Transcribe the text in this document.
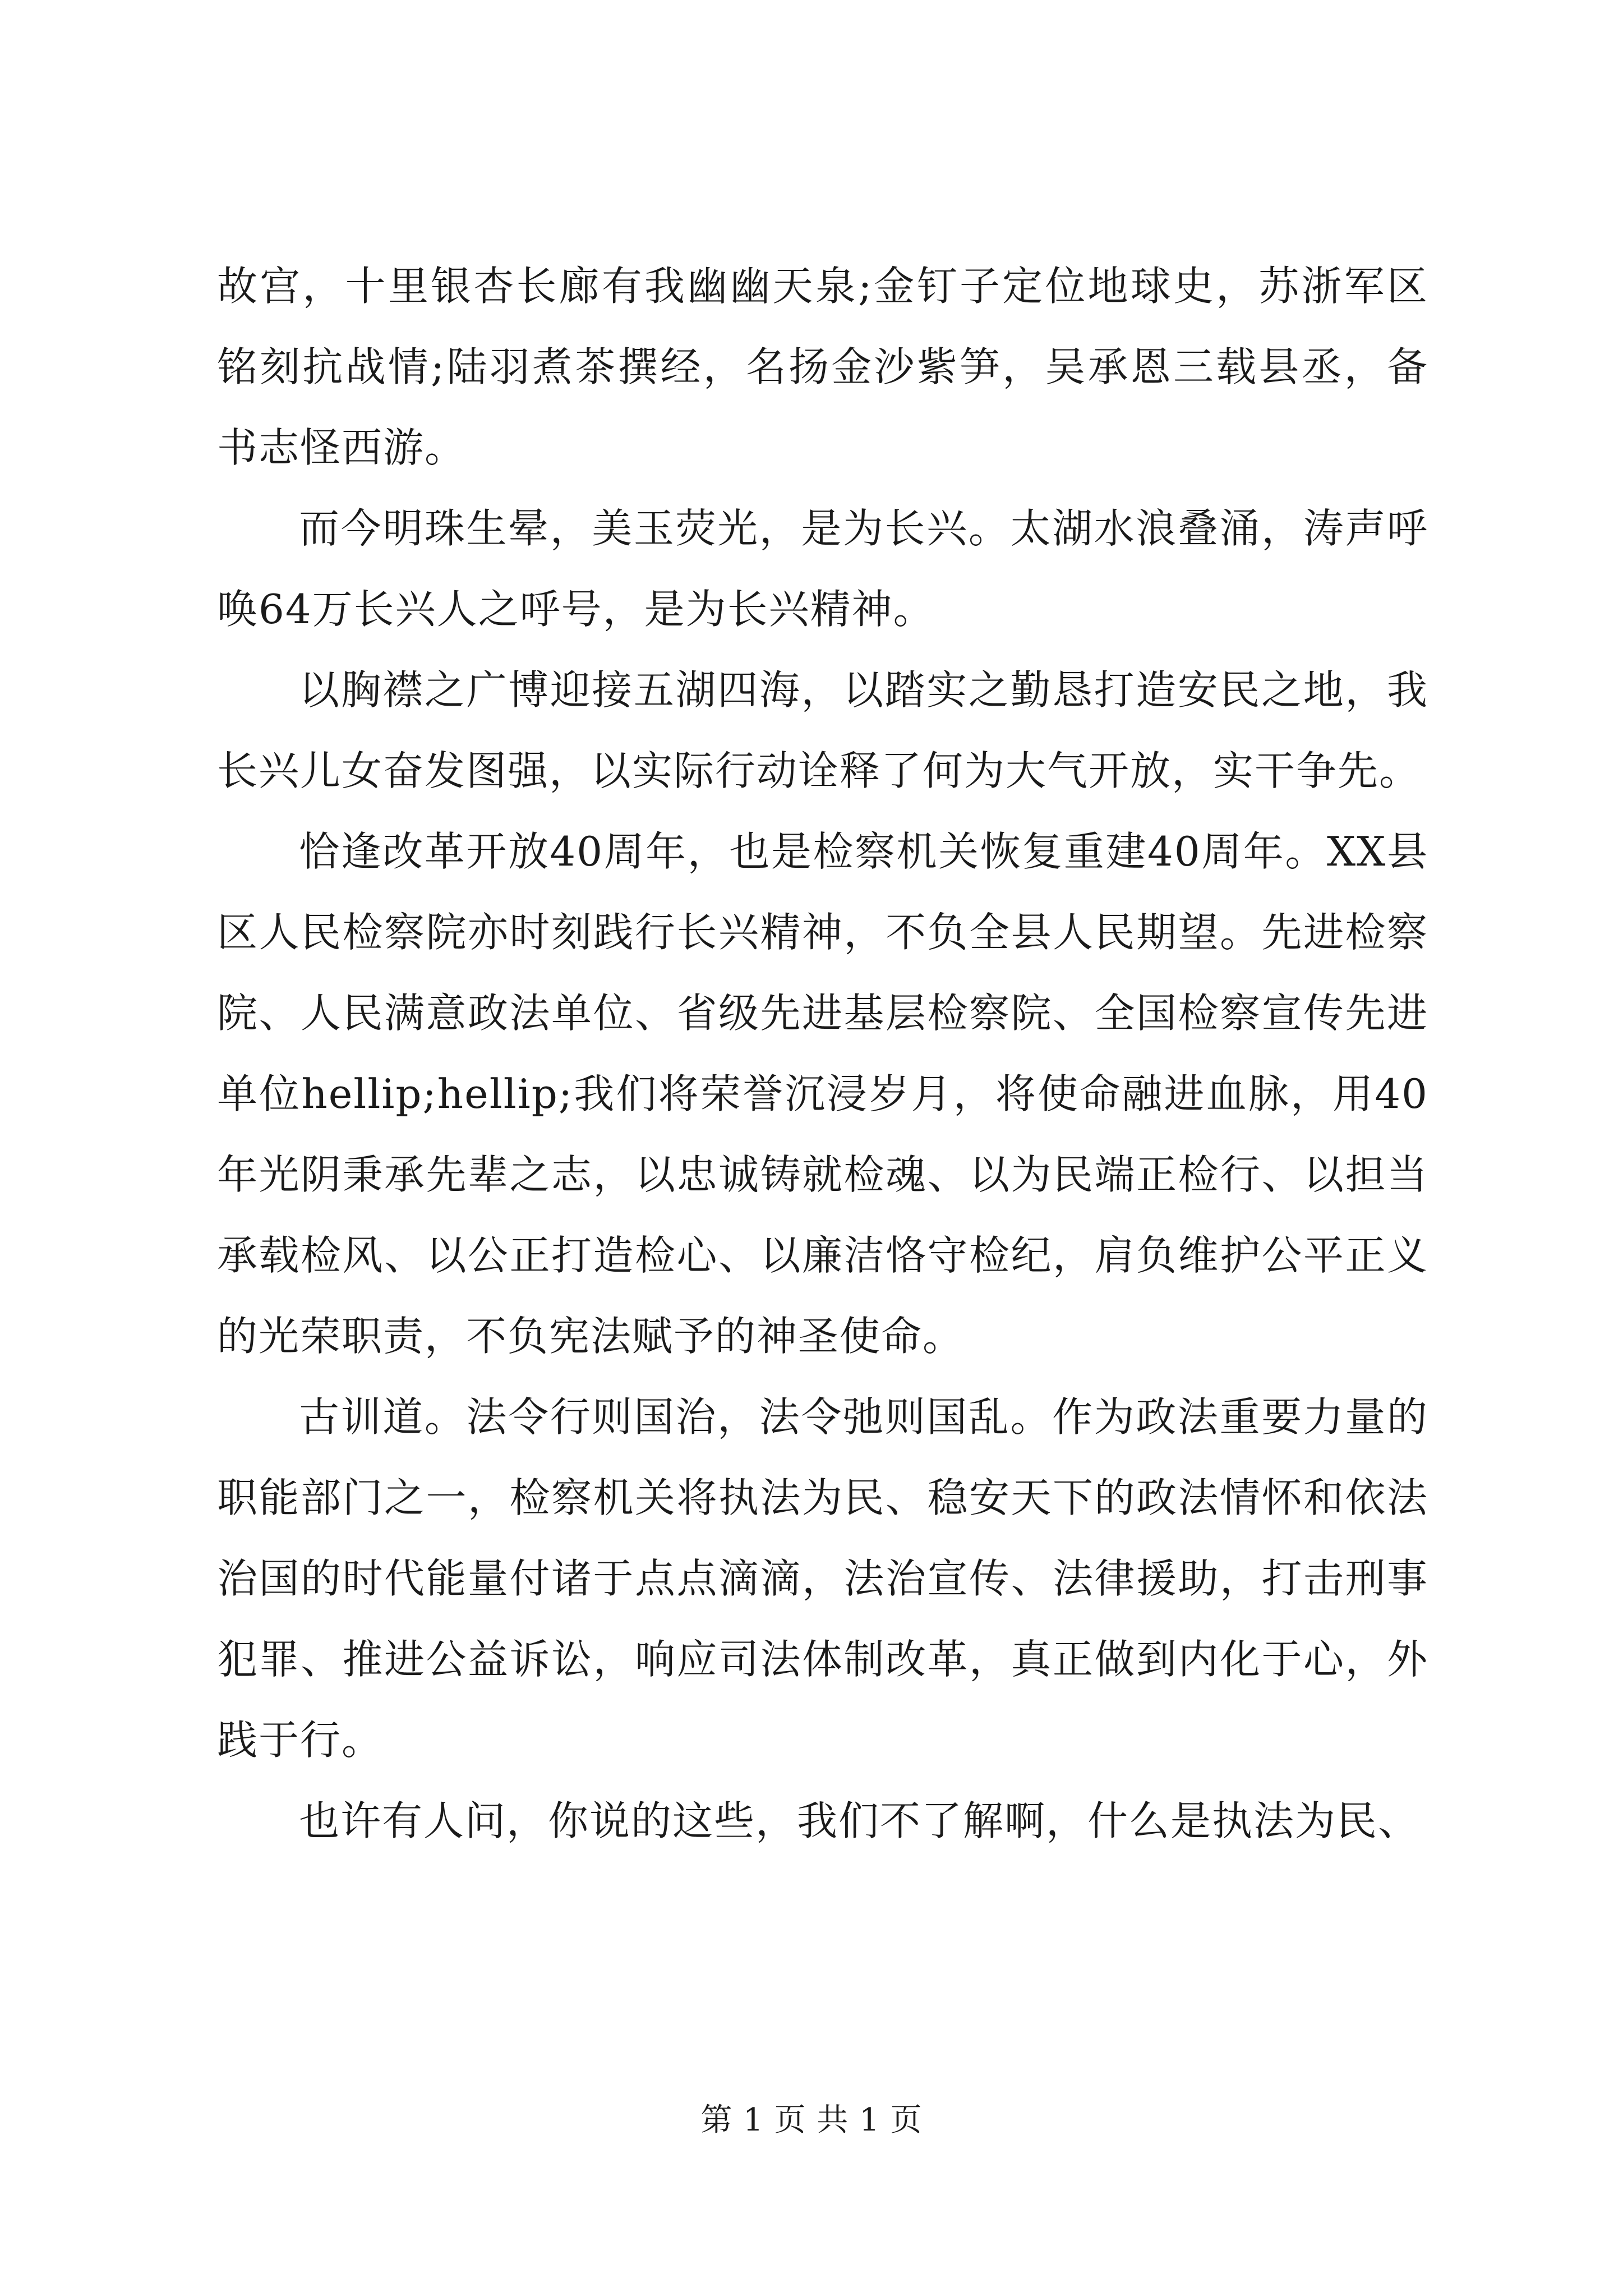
故宫，十里银杏长廊有我幽幽天泉;金钉子定位地球史，苏浙军区铭刻抗战情;陆羽煮茶撰经，名扬金沙紫笋，吴承恩三载县丞，备书志怪西游。

而今明珠生晕，美玉荧光，是为长兴。太湖水浪叠涌，涛声呼唤64万长兴人之呼号，是为长兴精神。

以胸襟之广博迎接五湖四海，以踏实之勤恳打造安民之地，我长兴儿女奋发图强，以实际行动诠释了何为大气开放，实干争先。

恰逢改革开放40周年，也是检察机关恢复重建40周年。XX县区人民检察院亦时刻践行长兴精神，不负全县人民期望。先进检察院、人民满意政法单位、省级先进基层检察院、全国检察宣传先进单位hellip;hellip;我们将荣誉沉浸岁月，将使命融进血脉，用40年光阴秉承先辈之志，以忠诚铸就检魂、以为民端正检行、以担当承载检风、以公正打造检心、以廉洁恪守检纪，肩负维护公平正义的光荣职责，不负宪法赋予的神圣使命。

古训道。法令行则国治，法令弛则国乱。作为政法重要力量的职能部门之一，检察机关将执法为民、稳安天下的政法情怀和依法治国的时代能量付诸于点点滴滴，法治宣传、法律援助，打击刑事犯罪、推进公益诉讼，响应司法体制改革，真正做到内化于心，外践于行。

也许有人问，你说的这些，我们不了解啊，什么是执法为民、

第 1 页 共 1 页
